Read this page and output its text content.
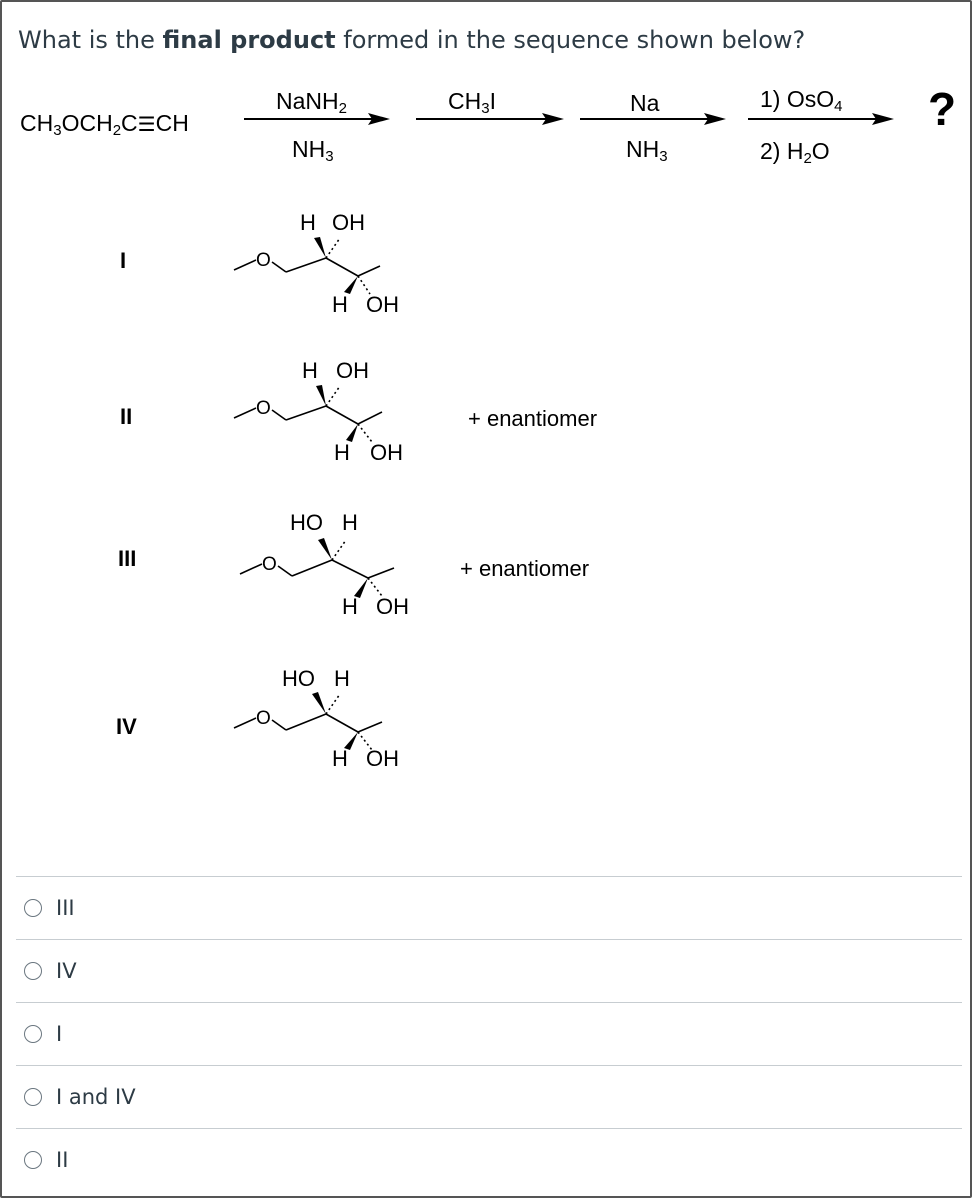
What is the final product formed in the sequence shown below?
$CH_3OCH_2C☰CH$
NaNH$_2$
$NH_3$
$CH_3I$	Na
$NH_3$
1) OsO$_4$
2) $H_2O$
?
I
H OH
O
H OH
II
H OH
O
H OH
+ enantiomer
III
HO H
O
H OH
+ enantiomer
IV
HO H
O
H OH
III
IV
I
I and IV
II
